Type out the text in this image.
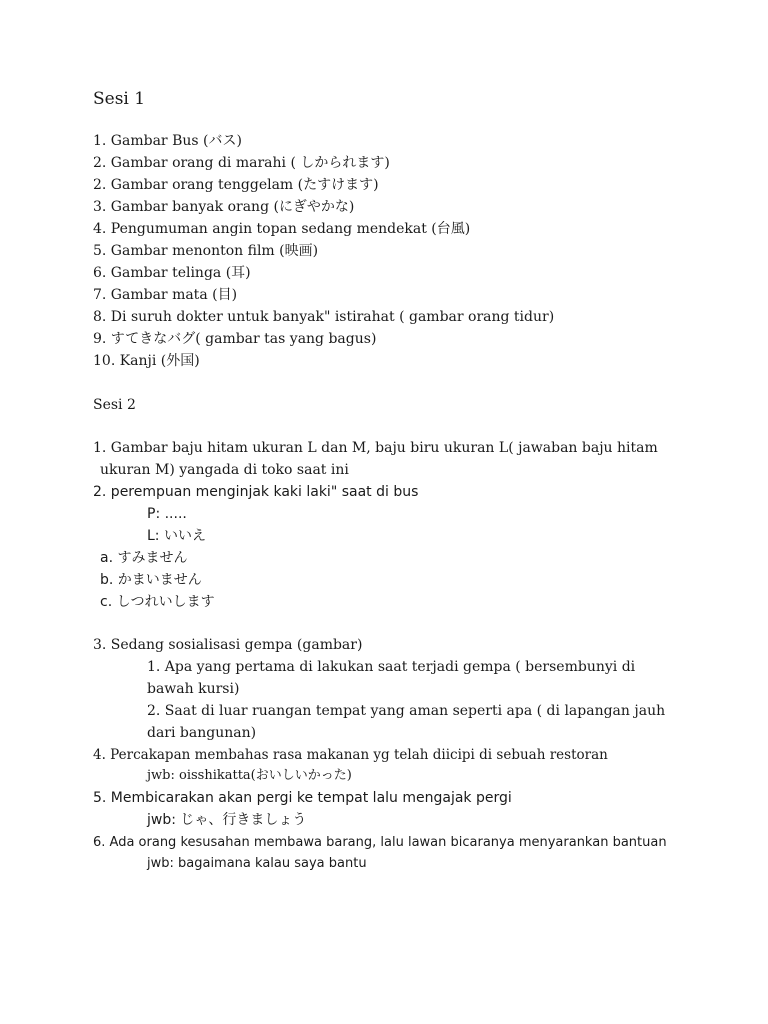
Sesi 1
1. Gambar Bus (バス)
2. Gambar orang di marahi ( しかられます)
2. Gambar orang tenggelam (たすけます)
3. Gambar banyak orang (にぎやかな)
4. Pengumuman angin topan sedang mendekat (台風)
5. Gambar menonton film (映画)
6. Gambar telinga (耳)
7. Gambar mata (目)
8. Di suruh dokter untuk banyak" istirahat ( gambar orang tidur)
9. すてきなバグ( gambar tas yang bagus)
10. Kanji (外国)
Sesi 2
1. Gambar baju hitam ukuran L dan M, baju biru ukuran L( jawaban baju hitam
ukuran M) yangada di toko saat ini
2. perempuan menginjak kaki laki" saat di bus
P: .....
L: いいえ
a. すみません
b. かまいません
c. しつれいします
3. Sedang sosialisasi gempa (gambar)
1. Apa yang pertama di lakukan saat terjadi gempa ( bersembunyi di
bawah kursi)
2. Saat di luar ruangan tempat yang aman seperti apa ( di lapangan jauh
dari bangunan)
4. Percakapan membahas rasa makanan yg telah diicipi di sebuah restoran
jwb: oisshikatta(おいしいかった)
5. Membicarakan akan pergi ke tempat lalu mengajak pergi
jwb: じゃ、行きましょう
6. Ada orang kesusahan membawa barang, lalu lawan bicaranya menyarankan bantuan
jwb: bagaimana kalau saya bantu
